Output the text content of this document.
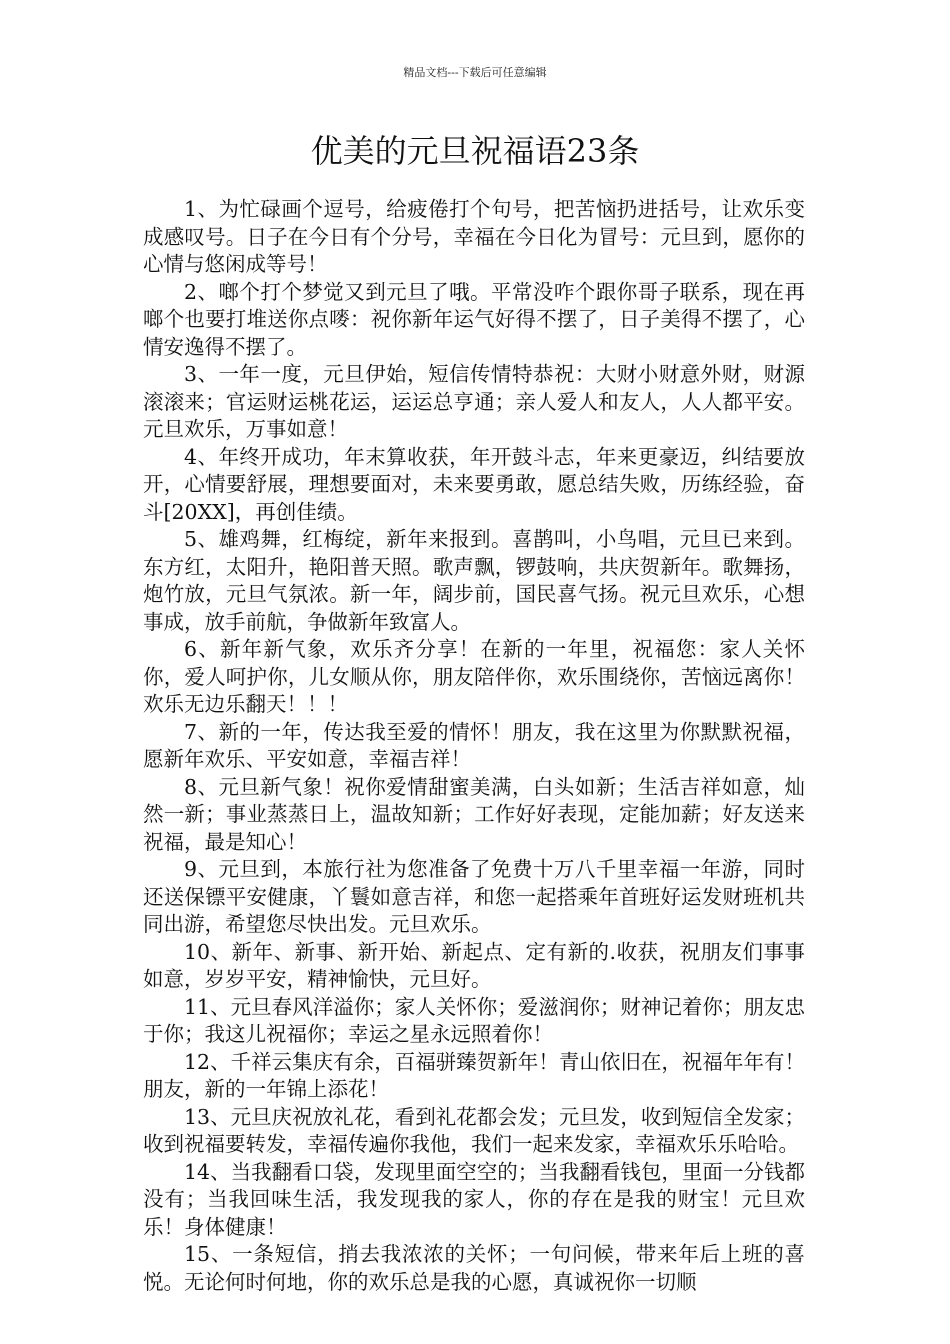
精品文档---下载后可任意编辑
优美的元旦祝福语23条

1、为忙碌画个逗号，给疲倦打个句号，把苦恼扔进括号，让欢乐变成感叹号。日子在今日有个分号，幸福在今日化为冒号：元旦到，愿你的心情与悠闲成等号！

2、啷个打个梦觉又到元旦了哦。平常没咋个跟你哥子联系，现在再啷个也要打堆送你点嘜：祝你新年运气好得不摆了，日子美得不摆了，心情安逸得不摆了。

3、一年一度，元旦伊始，短信传情特恭祝：大财小财意外财，财源滚滚来；官运财运桃花运，运运总亨通；亲人爱人和友人，人人都平安。元旦欢乐，万事如意！

4、年终开成功，年末算收获，年开鼓斗志，年来更豪迈，纠结要放开，心情要舒展，理想要面对，未来要勇敢，愿总结失败，历练经验，奋斗[20XX]，再创佳绩。

5、雄鸡舞，红梅绽，新年来报到。喜鹊叫，小鸟唱，元旦已来到。东方红，太阳升，艳阳普天照。歌声飘，锣鼓响，共庆贺新年。歌舞扬，炮竹放，元旦气氛浓。新一年，阔步前，国民喜气扬。祝元旦欢乐，心想事成，放手前航，争做新年致富人。

6、新年新气象，欢乐齐分享！在新的一年里，祝福您：家人关怀你，爱人呵护你，儿女顺从你，朋友陪伴你，欢乐围绕你，苦恼远离你！欢乐无边乐翻天！！！

7、新的一年，传达我至爱的情怀！朋友，我在这里为你默默祝福，愿新年欢乐、平安如意，幸福吉祥！

8、元旦新气象！祝你爱情甜蜜美满，白头如新；生活吉祥如意，灿然一新；事业蒸蒸日上，温故知新；工作好好表现，定能加薪；好友送来祝福，最是知心！

9、元旦到，本旅行社为您准备了免费十万八千里幸福一年游，同时还送保镖平安健康，丫鬟如意吉祥，和您一起搭乘年首班好运发财班机共同出游，希望您尽快出发。元旦欢乐。

10、新年、新事、新开始、新起点、定有新的.收获，祝朋友们事事如意，岁岁平安，精神愉快，元旦好。

11、元旦春风洋溢你；家人关怀你；爱滋润你；财神记着你；朋友忠于你；我这儿祝福你；幸运之星永远照着你！

12、千祥云集庆有余，百福骈臻贺新年！青山依旧在，祝福年年有！朋友，新的一年锦上添花！

13、元旦庆祝放礼花，看到礼花都会发；元旦发，收到短信全发家；收到祝福要转发，幸福传遍你我他，我们一起来发家，幸福欢乐乐哈哈。

14、当我翻看口袋，发现里面空空的；当我翻看钱包，里面一分钱都没有；当我回味生活，我发现我的家人，你的存在是我的财宝！元旦欢乐！身体健康！

15、一条短信，捎去我浓浓的关怀；一句问候，带来年后上班的喜悦。无论何时何地，你的欢乐总是我的心愿，真诚祝你一切顺
